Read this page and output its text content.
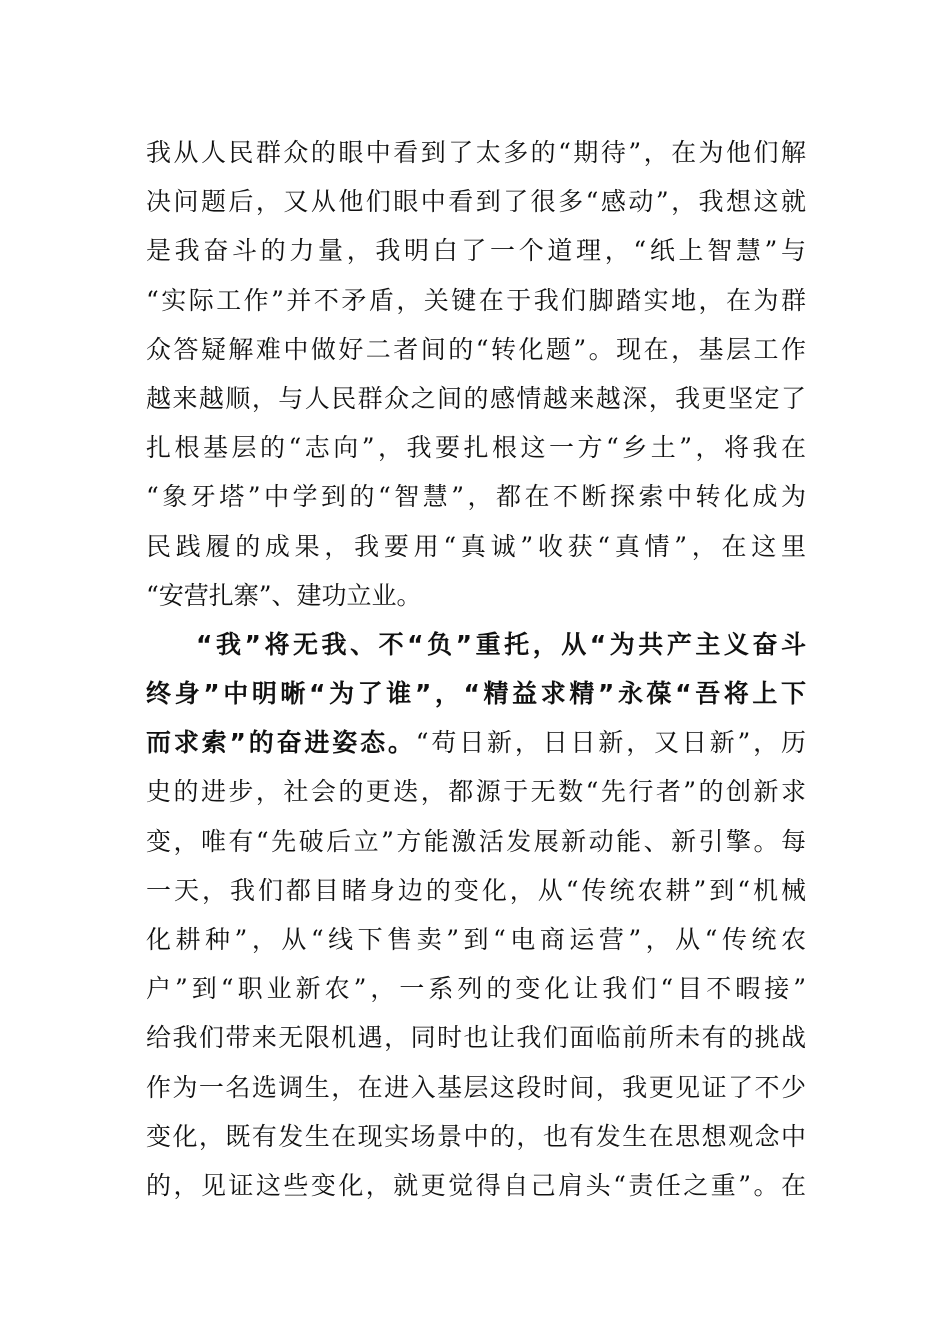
我从人民群众的眼中看到了太多的“期待”，在为他们解
决问题后，又从他们眼中看到了很多“感动”，我想这就
是我奋斗的力量，我明白了一个道理，“纸上智慧”与
“实际工作”并不矛盾，关键在于我们脚踏实地，在为群
众答疑解难中做好二者间的“转化题”。现在，基层工作
越来越顺，与人民群众之间的感情越来越深，我更坚定了
扎根基层的“志向”，我要扎根这一方“乡土”，将我在
“象牙塔”中学到的“智慧”，都在不断探索中转化成为
民践履的成果，我要用“真诚”收获“真情”，在这里
“安营扎寨”、建功立业。
“我”将无我、不“负”重托，从“为共产主义奋斗
终身”中明晰“为了谁”，“精益求精”永葆“吾将上下
而求索”的奋进姿态。“苟日新，日日新，又日新”，历
史的进步，社会的更迭，都源于无数“先行者”的创新求
变，唯有“先破后立”方能激活发展新动能、新引擎。每
一天，我们都目睹身边的变化，从“传统农耕”到“机械
化耕种”，从“线下售卖”到“电商运营”，从“传统农
户”到“职业新农”，一系列的变化让我们“目不暇接”
给我们带来无限机遇，同时也让我们面临前所未有的挑战
作为一名选调生，在进入基层这段时间，我更见证了不少
变化，既有发生在现实场景中的，也有发生在思想观念中
的，见证这些变化，就更觉得自己肩头“责任之重”。在
